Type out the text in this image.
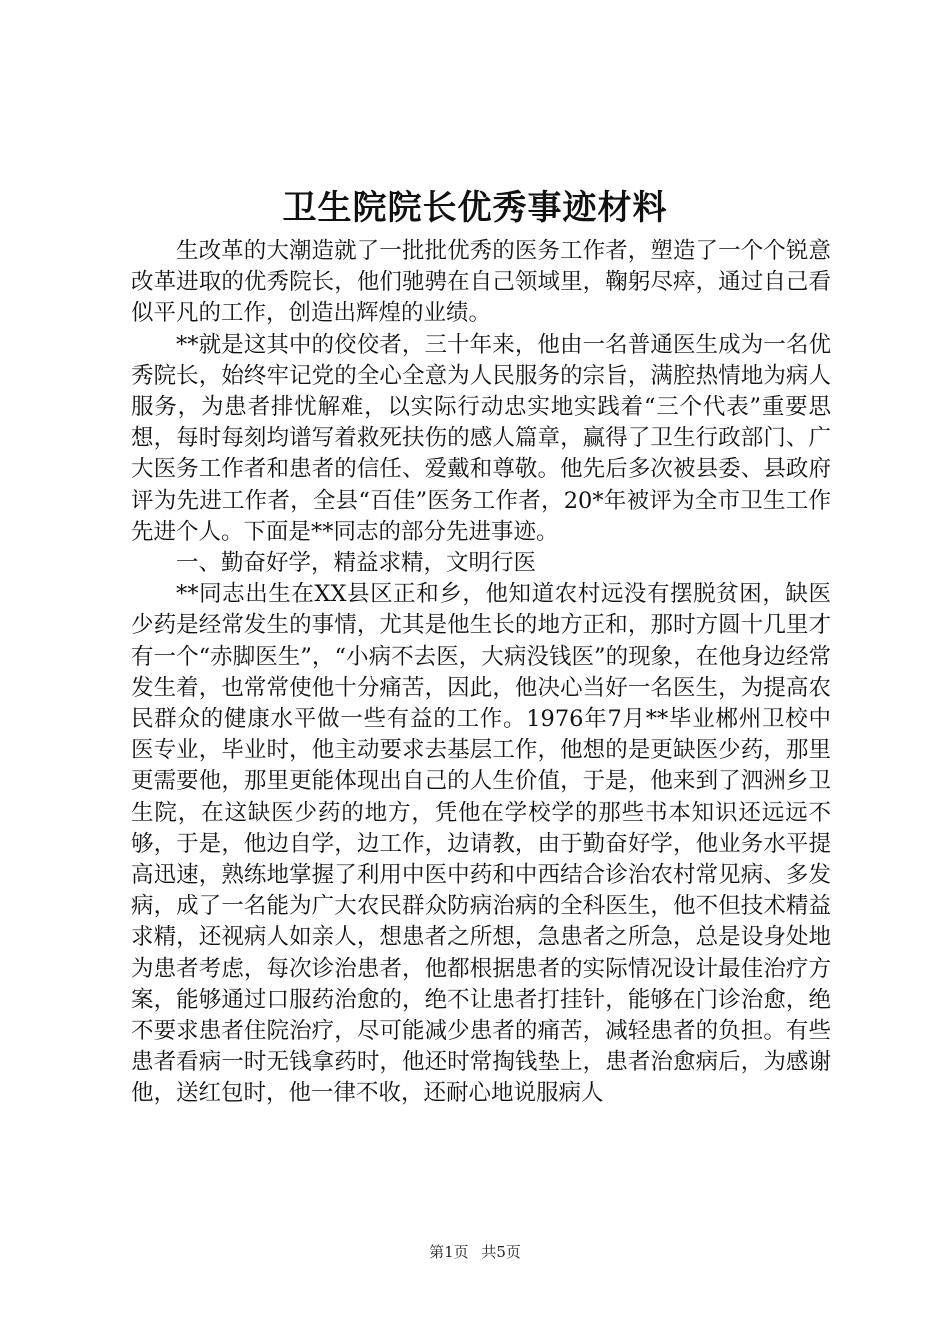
卫生院院长优秀事迹材料

生改革的大潮造就了一批批优秀的医务工作者，塑造了一个个锐意改革进取的优秀院长，他们驰骋在自己领域里，鞠躬尽瘁，通过自己看似平凡的工作，创造出辉煌的业绩。

**就是这其中的佼佼者，三十年来，他由一名普通医生成为一名优秀院长，始终牢记党的全心全意为人民服务的宗旨，满腔热情地为病人服务，为患者排忧解难，以实际行动忠实地实践着“三个代表”重要思想，每时每刻均谱写着救死扶伤的感人篇章，赢得了卫生行政部门、广大医务工作者和患者的信任、爱戴和尊敬。他先后多次被县委、县政府评为先进工作者，全县“百佳”医务工作者，20*年被评为全市卫生工作先进个人。下面是**同志的部分先进事迹。

一、勤奋好学，精益求精，文明行医

**同志出生在XX县区正和乡，他知道农村远没有摆脱贫困，缺医少药是经常发生的事情，尤其是他生长的地方正和，那时方圆十几里才有一个“赤脚医生”，“小病不去医，大病没钱医”的现象，在他身边经常发生着，也常常使他十分痛苦，因此，他决心当好一名医生，为提高农民群众的健康水平做一些有益的工作。1976年7月**毕业郴州卫校中医专业，毕业时，他主动要求去基层工作，他想的是更缺医少药，那里更需要他，那里更能体现出自己的人生价值，于是，他来到了泗洲乡卫生院，在这缺医少药的地方，凭他在学校学的那些书本知识还远远不够，于是，他边自学，边工作，边请教，由于勤奋好学，他业务水平提高迅速，熟练地掌握了利用中医中药和中西结合诊治农村常见病、多发病，成了一名能为广大农民群众防病治病的全科医生，他不但技术精益求精，还视病人如亲人，想患者之所想，急患者之所急，总是设身处地为患者考虑，每次诊治患者，他都根据患者的实际情况设计最佳治疗方案，能够通过口服药治愈的，绝不让患者打挂针，能够在门诊治愈，绝不要求患者住院治疗，尽可能减少患者的痛苦，减轻患者的负担。有些患者看病一时无钱拿药时，他还时常掏钱垫上，患者治愈病后，为感谢他，送红包时，他一律不收，还耐心地说服病人

第1页 共5页
